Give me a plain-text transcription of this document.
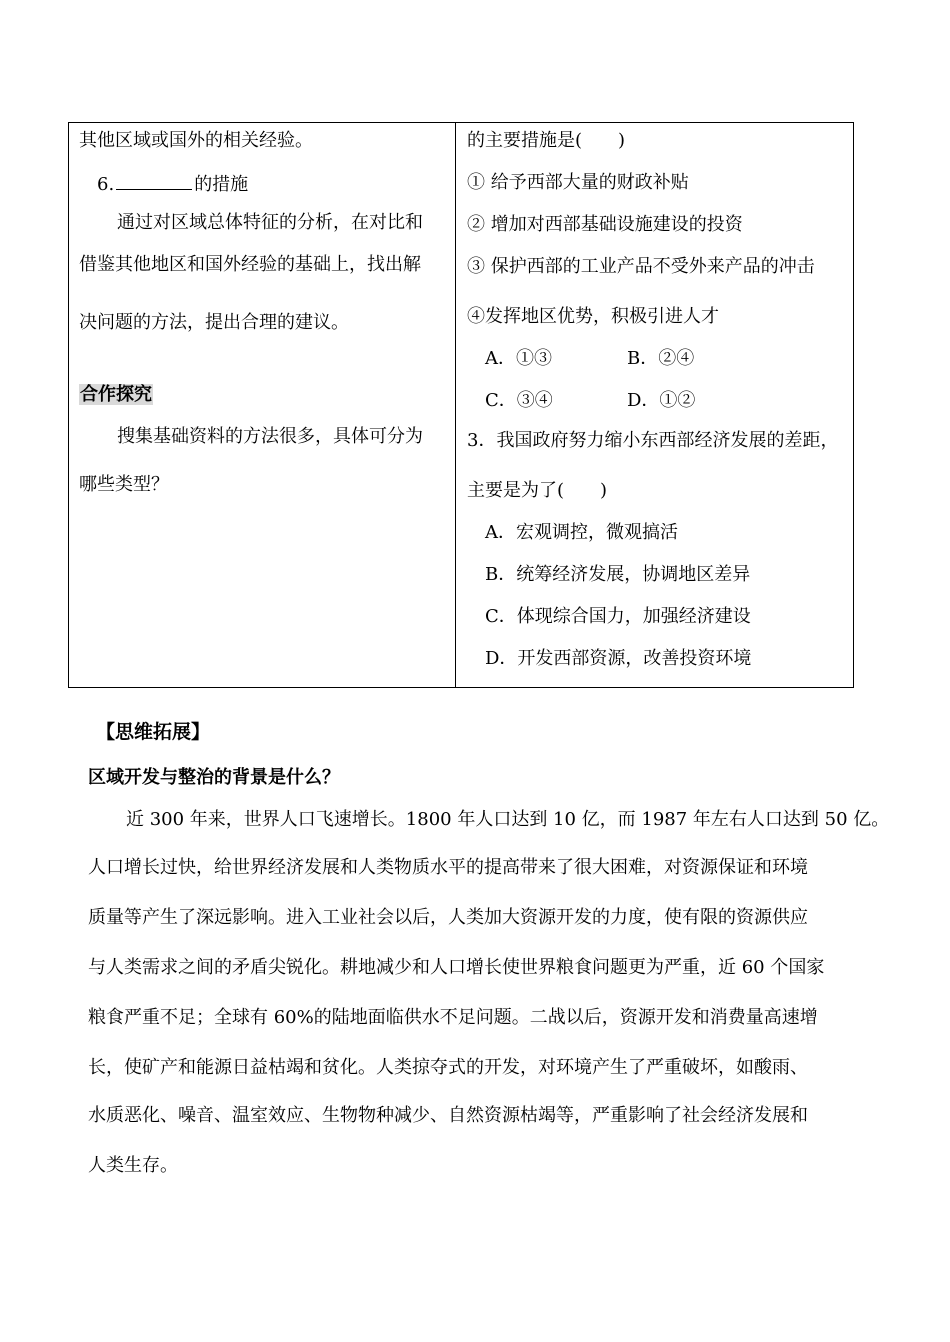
其他区域或国外的相关经验。
6.	的措施
通过对区域总体特征的分析，在对比和
借鉴其他地区和国外经验的基础上，找出解
决问题的方法，提出合理的建议。
合作探究
搜集基础资料的方法很多，具体可分为
哪些类型？
的主要措施是(　　)
① 给予西部大量的财政补贴
② 增加对西部基础设施建设的投资
③ 保护西部的工业产品不受外来产品的冲击
④发挥地区优势，积极引进人才
A．①③	B．②④
C．③④	D．①②
3．我国政府努力缩小东西部经济发展的差距，
主要是为了(　　)
A．宏观调控，微观搞活
B．统筹经济发展，协调地区差异
C．体现综合国力，加强经济建设
D．开发西部资源，改善投资环境
【思维拓展】
区域开发与整治的背景是什么？
近 300 年来，世界人口飞速增长。1800 年人口达到 10 亿，而 1987 年左右人口达到 50 亿。
人口增长过快，给世界经济发展和人类物质水平的提高带来了很大困难，对资源保证和环境
质量等产生了深远影响。进入工业社会以后，人类加大资源开发的力度，使有限的资源供应
与人类需求之间的矛盾尖锐化。耕地减少和人口增长使世界粮食问题更为严重，近 60 个国家
粮食严重不足；全球有 60%的陆地面临供水不足问题。二战以后，资源开发和消费量高速增
长，使矿产和能源日益枯竭和贫化。人类掠夺式的开发，对环境产生了严重破坏，如酸雨、
水质恶化、噪音、温室效应、生物物种减少、自然资源枯竭等，严重影响了社会经济发展和
人类生存。
